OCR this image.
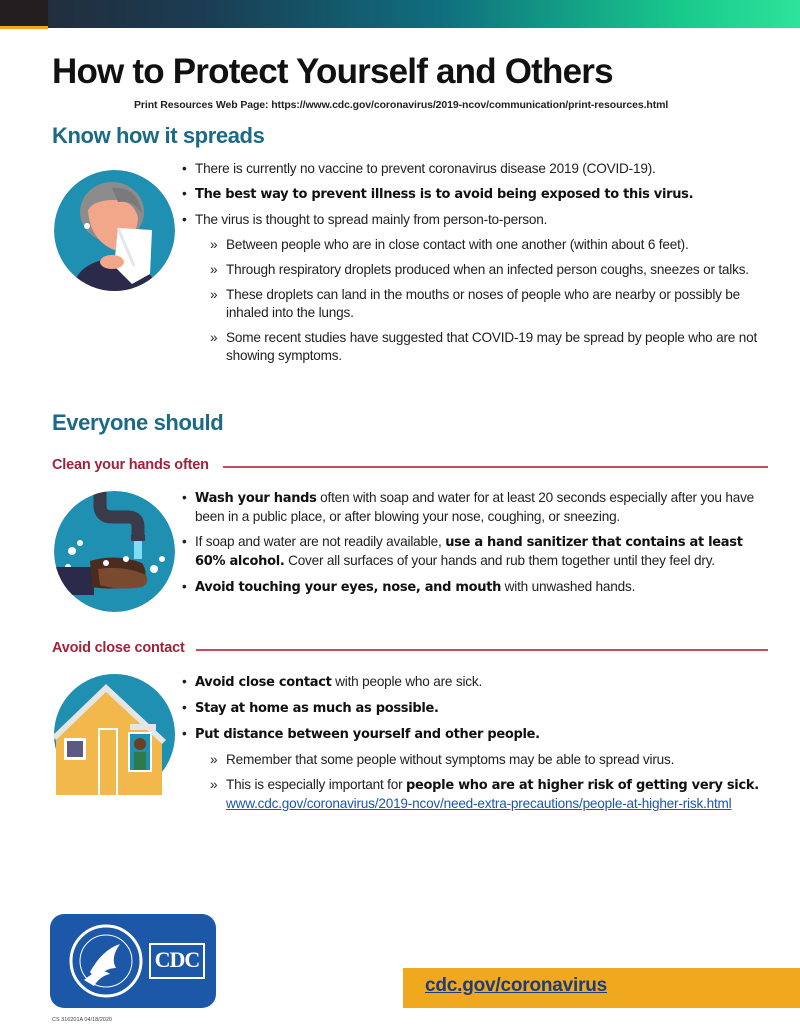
How to Protect Yourself and Others
Print Resources Web Page: https://www.cdc.gov/coronavirus/2019-ncov/communication/print-resources.html
Know how it spreads
• There is currently no vaccine to prevent coronavirus disease 2019 (COVID-19).
• The best way to prevent illness is to avoid being exposed to this virus.
• The virus is thought to spread mainly from person-to-person.
» Between people who are in close contact with one another (within about 6 feet).
» Through respiratory droplets produced when an infected person coughs, sneezes or talks.
» These droplets can land in the mouths or noses of people who are nearby or possibly be inhaled into the lungs.
» Some recent studies have suggested that COVID-19 may be spread by people who are not showing symptoms.
Everyone should
Clean your hands often
• Wash your hands often with soap and water for at least 20 seconds especially after you have been in a public place, or after blowing your nose, coughing, or sneezing.
• If soap and water are not readily available, use a hand sanitizer that contains at least 60% alcohol. Cover all surfaces of your hands and rub them together until they feel dry.
• Avoid touching your eyes, nose, and mouth with unwashed hands.
Avoid close contact
• Avoid close contact with people who are sick.
• Stay at home as much as possible.
• Put distance between yourself and other people.
» Remember that some people without symptoms may be able to spread virus.
» This is especially important for people who are at higher risk of getting very sick. www.cdc.gov/coronavirus/2019-ncov/need-extra-precautions/people-at-higher-risk.html
CDC
CS 316201A 04/18/2020
cdc.gov/coronavirus
